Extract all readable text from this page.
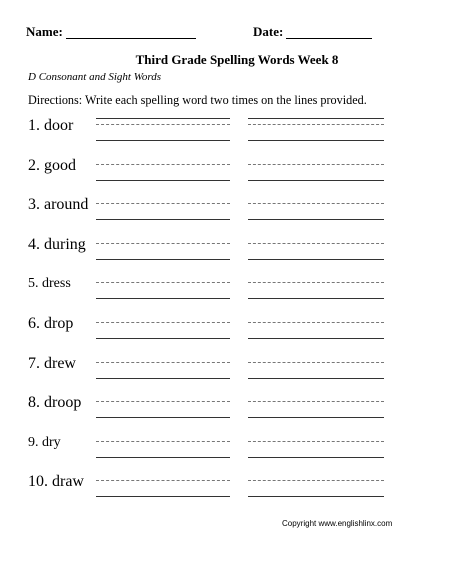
Name:	Date:
Third Grade Spelling Words Week 8
D Consonant and Sight Words
Directions: Write each spelling word two times on the lines provided.
1. door
2. good
3. around
4. during
5. dress
6. drop
7. drew
8. droop
9. dry
10. draw
Copyright www.englishlinx.com
